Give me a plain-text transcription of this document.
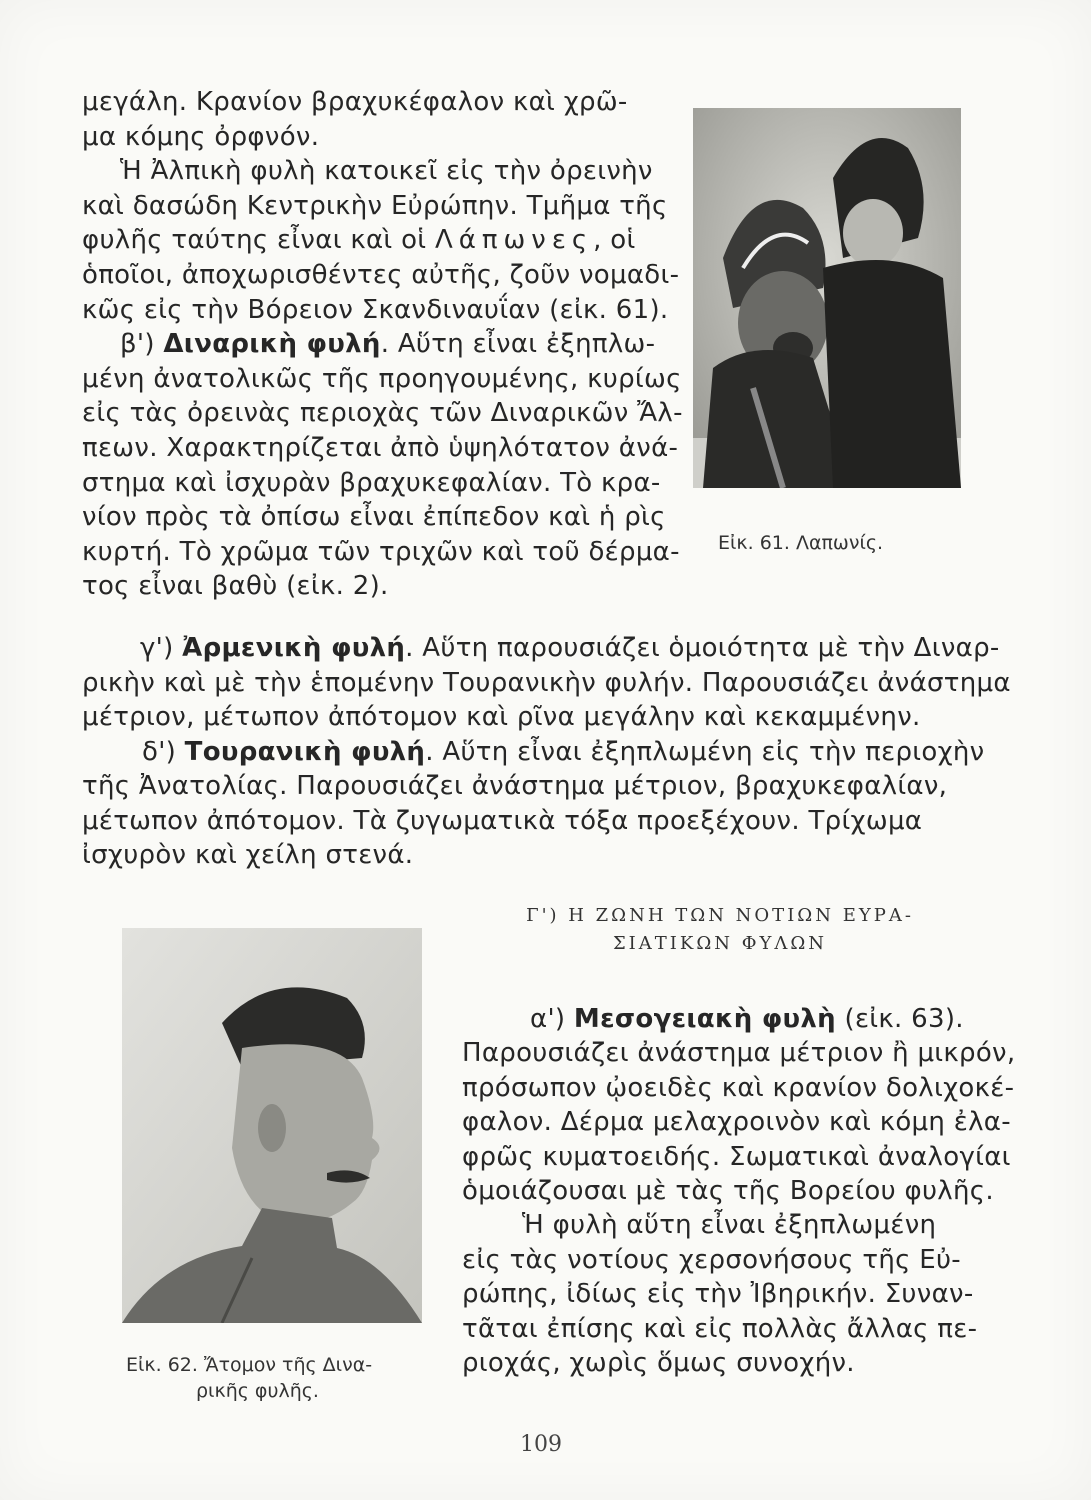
μεγάλη. Κρανίον βραχυκέφαλον καὶ χρῶ-
μα κόμης ὀρφνόν.
Ἡ Ἀλπικὴ φυλὴ κατοικεῖ εἰς τὴν ὀρεινὴν
καὶ δασώδη Κεντρικὴν Εὐρώπην. Τμῆμα τῆς
φυλῆς ταύτης εἶναι καὶ οἱ Λάπωνες, οἱ
ὁποῖοι, ἀποχωρισθέντες αὐτῆς, ζοῦν νομαδι-
κῶς εἰς τὴν Βόρειον Σκανδιναυΐαν (εἰκ. 61).
β') Διναρικὴ φυλή. Αὕτη εἶναι ἐξηπλω-
μένη ἀνατολικῶς τῆς προηγουμένης, κυρίως
εἰς τὰς ὀρεινὰς περιοχὰς τῶν Διναρικῶν Ἄλ-
πεων. Χαρακτηρίζεται ἀπὸ ὑψηλότατον ἀνά-
στημα καὶ ἰσχυρὰν βραχυκεφαλίαν. Τὸ κρα-
νίον πρὸς τὰ ὀπίσω εἶναι ἐπίπεδον καὶ ἡ ρὶς
κυρτή. Τὸ χρῶμα τῶν τριχῶν καὶ τοῦ δέρμα-
τος εἶναι βαθὺ (εἰκ. 2).
Εἰκ. 61. Λαπωνίς.
γ') Ἀρμενικὴ φυλή. Αὕτη παρουσιάζει ὁμοιότητα μὲ τὴν Διναρ-
ρικὴν καὶ μὲ τὴν ἑπομένην Τουρανικὴν φυλήν. Παρουσιάζει ἀνάστημα
μέτριον, μέτωπον ἀπότομον καὶ ρῖνα μεγάλην καὶ κεκαμμένην.
δ') Τουρανικὴ φυλή. Αὕτη εἶναι ἐξηπλωμένη εἰς τὴν περιοχὴν
τῆς Ἀνατολίας. Παρουσιάζει ἀνάστημα μέτριον, βραχυκεφαλίαν,
μέτωπον ἀπότομον. Τὰ ζυγωματικὰ τόξα προεξέχουν. Τρίχωμα
ἰσχυρὸν καὶ χείλη στενά.
Γ') Η ΖΩΝΗ ΤΩΝ ΝΟΤΙΩΝ ΕΥΡΑ-
ΣΙΑΤΙΚΩΝ ΦΥΛΩΝ
Εἰκ. 62. Ἄτομον τῆς Δινα-
ρικῆς φυλῆς.
α') Μεσογειακὴ φυλὴ (εἰκ. 63).
Παρουσιάζει ἀνάστημα μέτριον ἢ μικρόν,
πρόσωπον ᾠοειδὲς καὶ κρανίον δολιχοκέ-
φαλον. Δέρμα μελαχροινὸν καὶ κόμη ἐλα-
φρῶς κυματοειδής. Σωματικαὶ ἀναλογίαι
ὁμοιάζουσαι μὲ τὰς τῆς Βορείου φυλῆς.
Ἡ φυλὴ αὕτη εἶναι ἐξηπλωμένη
εἰς τὰς νοτίους χερσονήσους τῆς Εὐ-
ρώπης, ἰδίως εἰς τὴν Ἰβηρικήν. Συναν-
τᾶται ἐπίσης καὶ εἰς πολλὰς ἄλλας πε-
ριοχάς, χωρὶς ὅμως συνοχήν.
109
